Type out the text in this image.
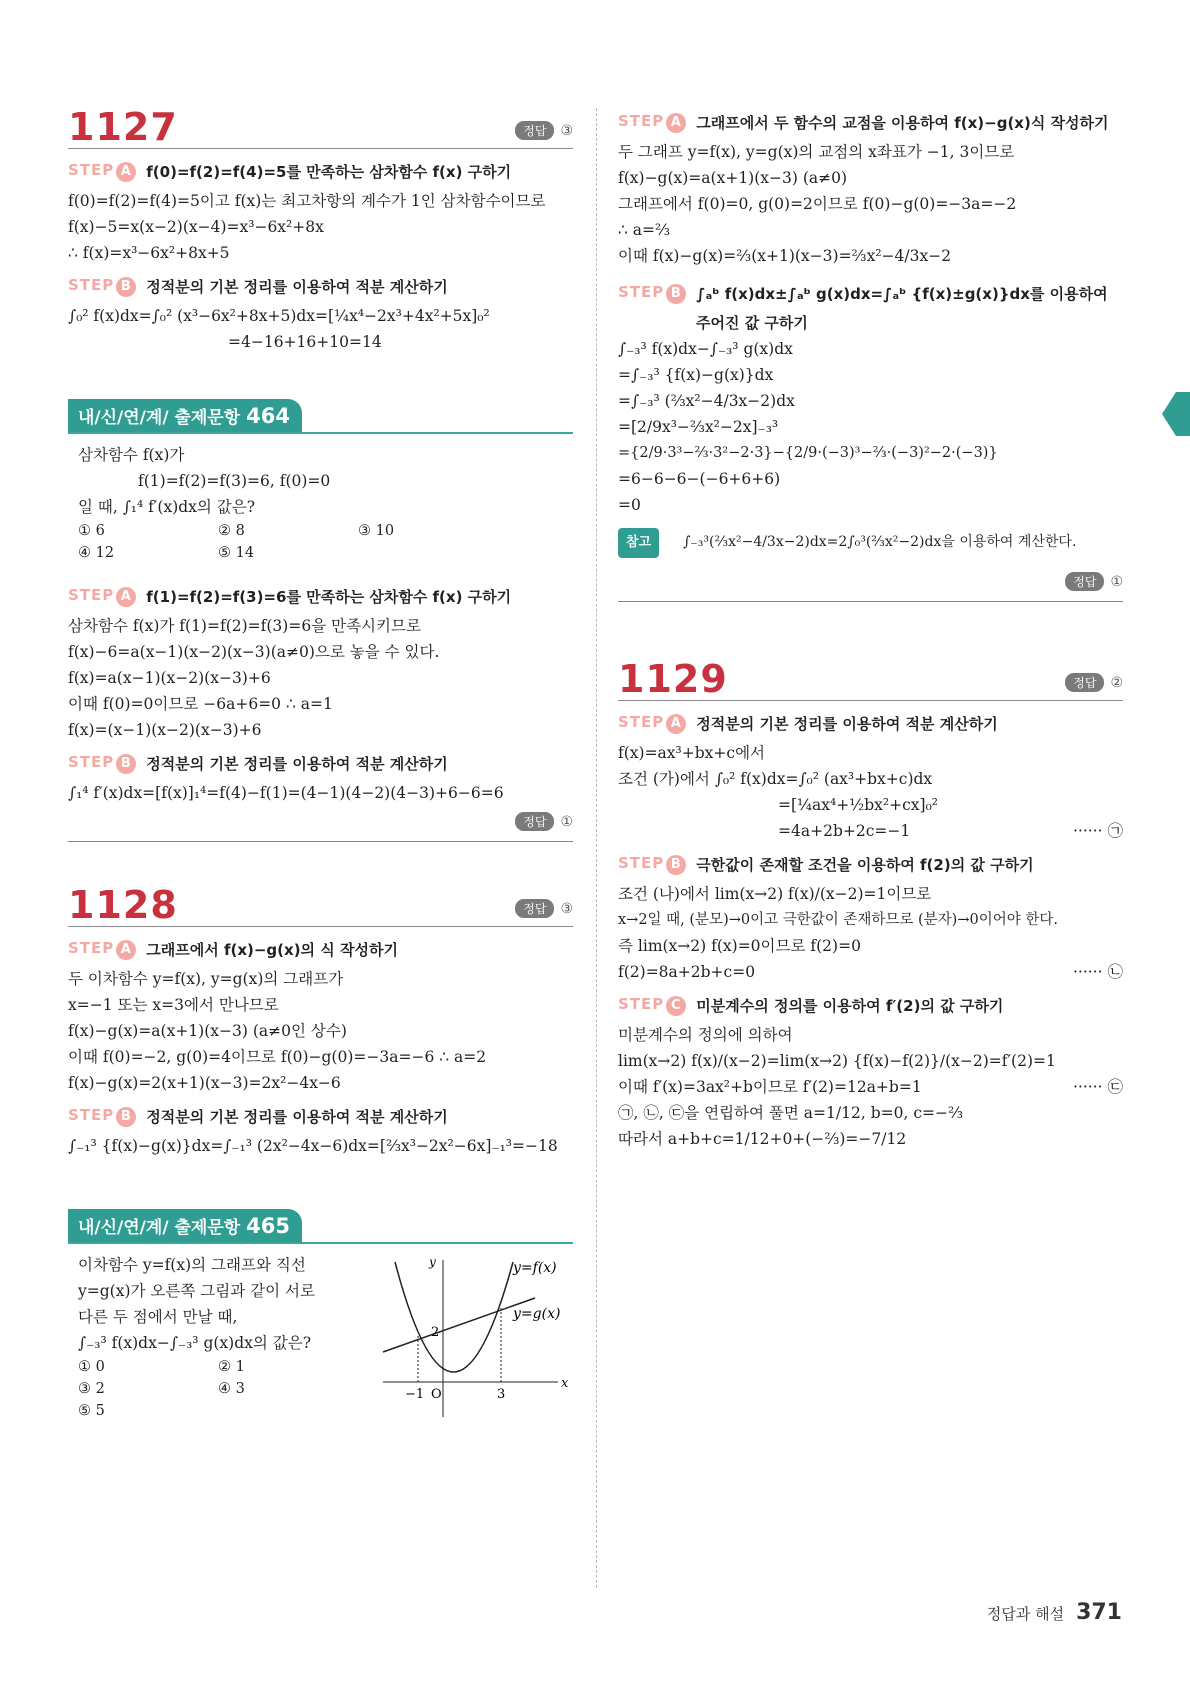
1127	정답	③
STEP A f(0)=f(2)=f(4)=5를 만족하는 삼차함수 f(x) 구하기
f(0)=f(2)=f(4)=5이고 f(x)는 최고차항의 계수가 1인 삼차함수이므로
f(x)−5=x(x−2)(x−4)=x³−6x²+8x
∴ f(x)=x³−6x²+8x+5
STEP B 정적분의 기본 정리를 이용하여 적분 계산하기
∫₀² f(x)dx=∫₀² (x³−6x²+8x+5)dx=[¼x⁴−2x³+4x²+5x]₀²
=4−16+16+10=14
내/신/연/계/ 출제문항 464
삼차함수 f(x)가
f(1)=f(2)=f(3)=6, f(0)=0
일 때, ∫₁⁴ f′(x)dx의 값은?
① 6	② 8	③ 10
④ 12	⑤ 14
STEP A f(1)=f(2)=f(3)=6를 만족하는 삼차함수 f(x) 구하기
삼차함수 f(x)가 f(1)=f(2)=f(3)=6을 만족시키므로
f(x)−6=a(x−1)(x−2)(x−3)(a≠0)으로 놓을 수 있다.
f(x)=a(x−1)(x−2)(x−3)+6
이때 f(0)=0이므로 −6a+6=0 ∴ a=1
f(x)=(x−1)(x−2)(x−3)+6
STEP B 정적분의 기본 정리를 이용하여 적분 계산하기
∫₁⁴ f′(x)dx=[f(x)]₁⁴=f(4)−f(1)=(4−1)(4−2)(4−3)+6−6=6
정답	①
1128	정답	③
STEP A 그래프에서 f(x)−g(x)의 식 작성하기
두 이차함수 y=f(x), y=g(x)의 그래프가
x=−1 또는 x=3에서 만나므로
f(x)−g(x)=a(x+1)(x−3) (a≠0인 상수)
이때 f(0)=−2, g(0)=4이므로 f(0)−g(0)=−3a=−6 ∴ a=2
f(x)−g(x)=2(x+1)(x−3)=2x²−4x−6
STEP B 정적분의 기본 정리를 이용하여 적분 계산하기
∫₋₁³ {f(x)−g(x)}dx=∫₋₁³ (2x²−4x−6)dx=[⅔x³−2x²−6x]₋₁³=−18
내/신/연/계/ 출제문항 465
이차함수 y=f(x)의 그래프와 직선
y=g(x)가 오른쪽 그림과 같이 서로
다른 두 점에서 만날 때,
∫₋₃³ f(x)dx−∫₋₃³ g(x)dx의 값은?
① 0	② 1
③ 2	④ 3
⑤ 5
y=f(x)
y=g(x)
y
x
2
−1 O	3
STEP A 그래프에서 두 함수의 교점을 이용하여 f(x)−g(x)식 작성하기
두 그래프 y=f(x), y=g(x)의 교점의 x좌표가 −1, 3이므로
f(x)−g(x)=a(x+1)(x−3) (a≠0)
그래프에서 f(0)=0, g(0)=2이므로 f(0)−g(0)=−3a=−2
∴ a=⅔
이때 f(x)−g(x)=⅔(x+1)(x−3)=⅔x²−4/3x−2
STEP B ∫ₐᵇ f(x)dx±∫ₐᵇ g(x)dx=∫ₐᵇ {f(x)±g(x)}dx를 이용하여
주어진 값 구하기
∫₋₃³ f(x)dx−∫₋₃³ g(x)dx
=∫₋₃³ {f(x)−g(x)}dx
=∫₋₃³ (⅔x²−4/3x−2)dx
=[2/9x³−⅔x²−2x]₋₃³
={2/9·3³−⅔·3²−2·3}−{2/9·(−3)³−⅔·(−3)²−2·(−3)}
=6−6−6−(−6+6+6)
=0
참고 ∫₋₃³(⅔x²−4/3x−2)dx=2∫₀³(⅔x²−2)dx을 이용하여 계산한다.
정답	①
1129	정답	②
STEP A 정적분의 기본 정리를 이용하여 적분 계산하기
f(x)=ax³+bx+c에서
조건 (가)에서 ∫₀² f(x)dx=∫₀² (ax³+bx+c)dx
=[¼ax⁴+½bx²+cx]₀²
=4a+2b+2c=−1	······ ㉠
STEP B 극한값이 존재할 조건을 이용하여 f(2)의 값 구하기
조건 (나)에서 lim(x→2) f(x)/(x−2)=1이므로
x→2일 때, (분모)→0이고 극한값이 존재하므로 (분자)→0이어야 한다.
즉 lim(x→2) f(x)=0이므로 f(2)=0
f(2)=8a+2b+c=0	······ ㉡
STEP C 미분계수의 정의를 이용하여 f′(2)의 값 구하기
미분계수의 정의에 의하여
lim(x→2) f(x)/(x−2)=lim(x→2) {f(x)−f(2)}/(x−2)=f′(2)=1
이때 f′(x)=3ax²+b이므로 f′(2)=12a+b=1	······ ㉢
㉠, ㉡, ㉢을 연립하여 풀면 a=1/12, b=0, c=−⅔
따라서 a+b+c=1/12+0+(−⅔)=−7/12
정답과 해설 371
